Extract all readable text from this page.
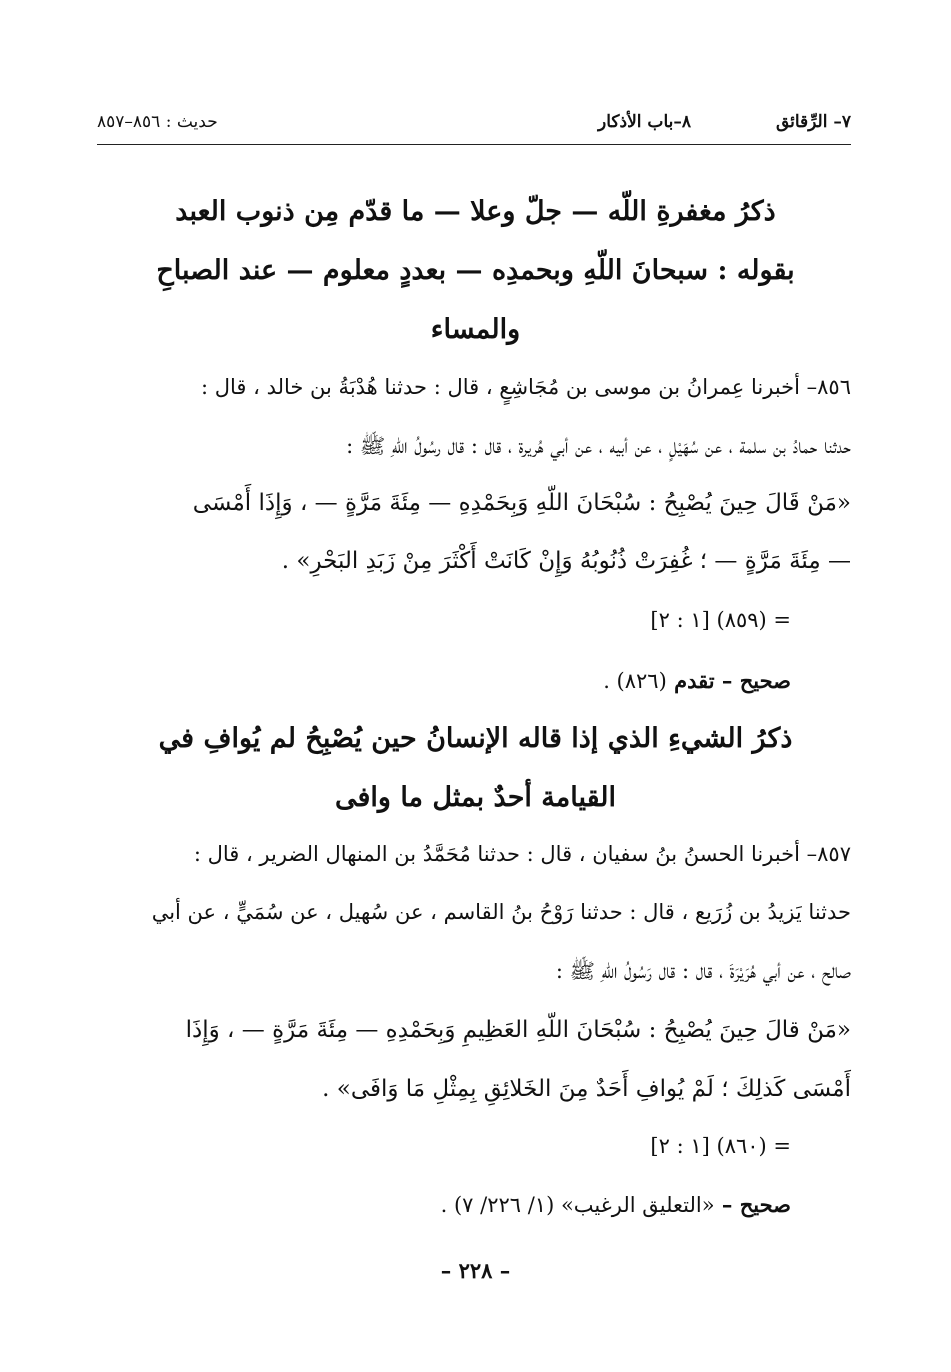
٧– الرِّقائق
٨–باب الأذكار
حديث : ٨٥٦–٨٥٧
ذكرُ مغفرةِ اللّه — جلّ وعلا — ما قدّم مِن ذنوب العبد
بقوله : سبحانَ اللّهِ وبحمدِه — بعددٍ معلوم — عند الصباحِ
والمساء
٨٥٦– أخبرنا عِمرانُ بن موسى بن مُجَاشِعٍ ، قال : حدثنا هُدْبَةُ بن خالد ، قال :
حدثنا حمادُ بن سلمة ، عن سُهَيْلٍ ، عن أبيه ، عن أبي هُريرة ، قال : قال رسُولُ اللّهِ ﷺ :
«مَنْ قَالَ حِينَ يُصْبِحُ : سُبْحَانَ اللّهِ وَبِحَمْدِهِ — مِئَةَ مَرَّةٍ — ، وَإِذَا أَمْسَى
— مِئَةَ مَرَّةٍ — ؛ غُفِرَتْ ذُنُوبُهُ وَإِنْ كَانَتْ أَكْثَرَ مِنْ زَبَدِ البَحْرِ» .
= (٨٥٩) [١ : ٢]
صحيح – تقدم (٨٢٦) .
ذكرُ الشيءِ الذي إذا قاله الإنسانُ حين يُصْبِحُ لم يُوافِ في
القيامة أحدٌ بمثل ما وافى
٨٥٧– أخبرنا الحسنُ بنُ سفيان ، قال : حدثنا مُحَمَّدُ بن المنهال الضرير ، قال :
حدثنا يَزيدُ بن زُرَيع ، قال : حدثنا رَوْحُ بنُ القاسم ، عن سُهيل ، عن سُمَيٍّ ، عن أبي
صالح ، عن أبي هُرَيْرَةَ ، قال : قال رَسُولُ اللّهِ ﷺ :
«مَنْ قالَ حِينَ يُصْبِحُ : سُبْحَانَ اللّهِ العَظِيمِ وَبِحَمْدِهِ — مِئَةَ مَرَّةٍ — ، وَإِذَا
أَمْسَى كَذلِكَ ؛ لَمْ يُوافِ أَحَدٌ مِنَ الخَلائِقِ بِمِثْلِ مَا وَافَى» .
= (٨٦٠) [١ : ٢]
صحيح – «التعليق الرغيب» (١/ ٢٢٦/ ٧) .
– ٢٢٨ –
